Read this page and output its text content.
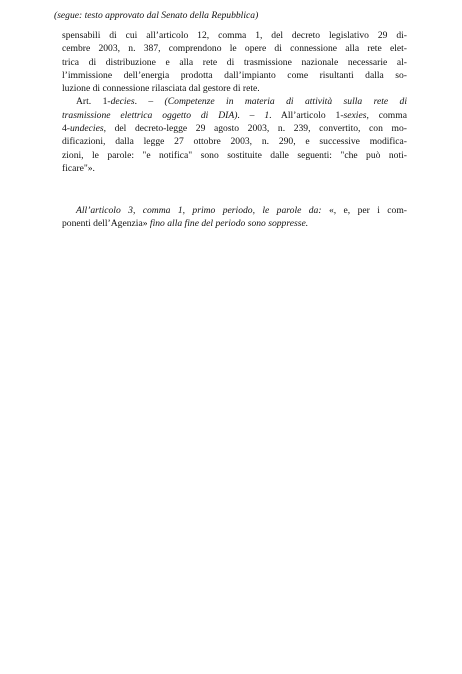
(segue: testo approvato dal Senato della Repubblica)
spensabili di cui all’articolo 12, comma 1, del decreto legislativo 29 di-
cembre 2003, n. 387, comprendono le opere di connessione alla rete elet-
trica di distribuzione e alla rete di trasmissione nazionale necessarie al-
l’immissione dell’energia prodotta dall’impianto come risultanti dalla so-
luzione di connessione rilasciata dal gestore di rete.
Art. 1-decies. – (Competenze in materia di attività sulla rete di
trasmissione elettrica oggetto di DIA). – 1. All’articolo 1-sexies, comma
4-undecies, del decreto-legge 29 agosto 2003, n. 239, convertito, con mo-
dificazioni, dalla legge 27 ottobre 2003, n. 290, e successive modifica-
zioni, le parole: "e notifica" sono sostituite dalle seguenti: "che può noti-
ficare"».
All’articolo 3, comma 1, primo periodo, le parole da: «, e, per i com-
ponenti dell’Agenzia» fino alla fine del periodo sono soppresse.
